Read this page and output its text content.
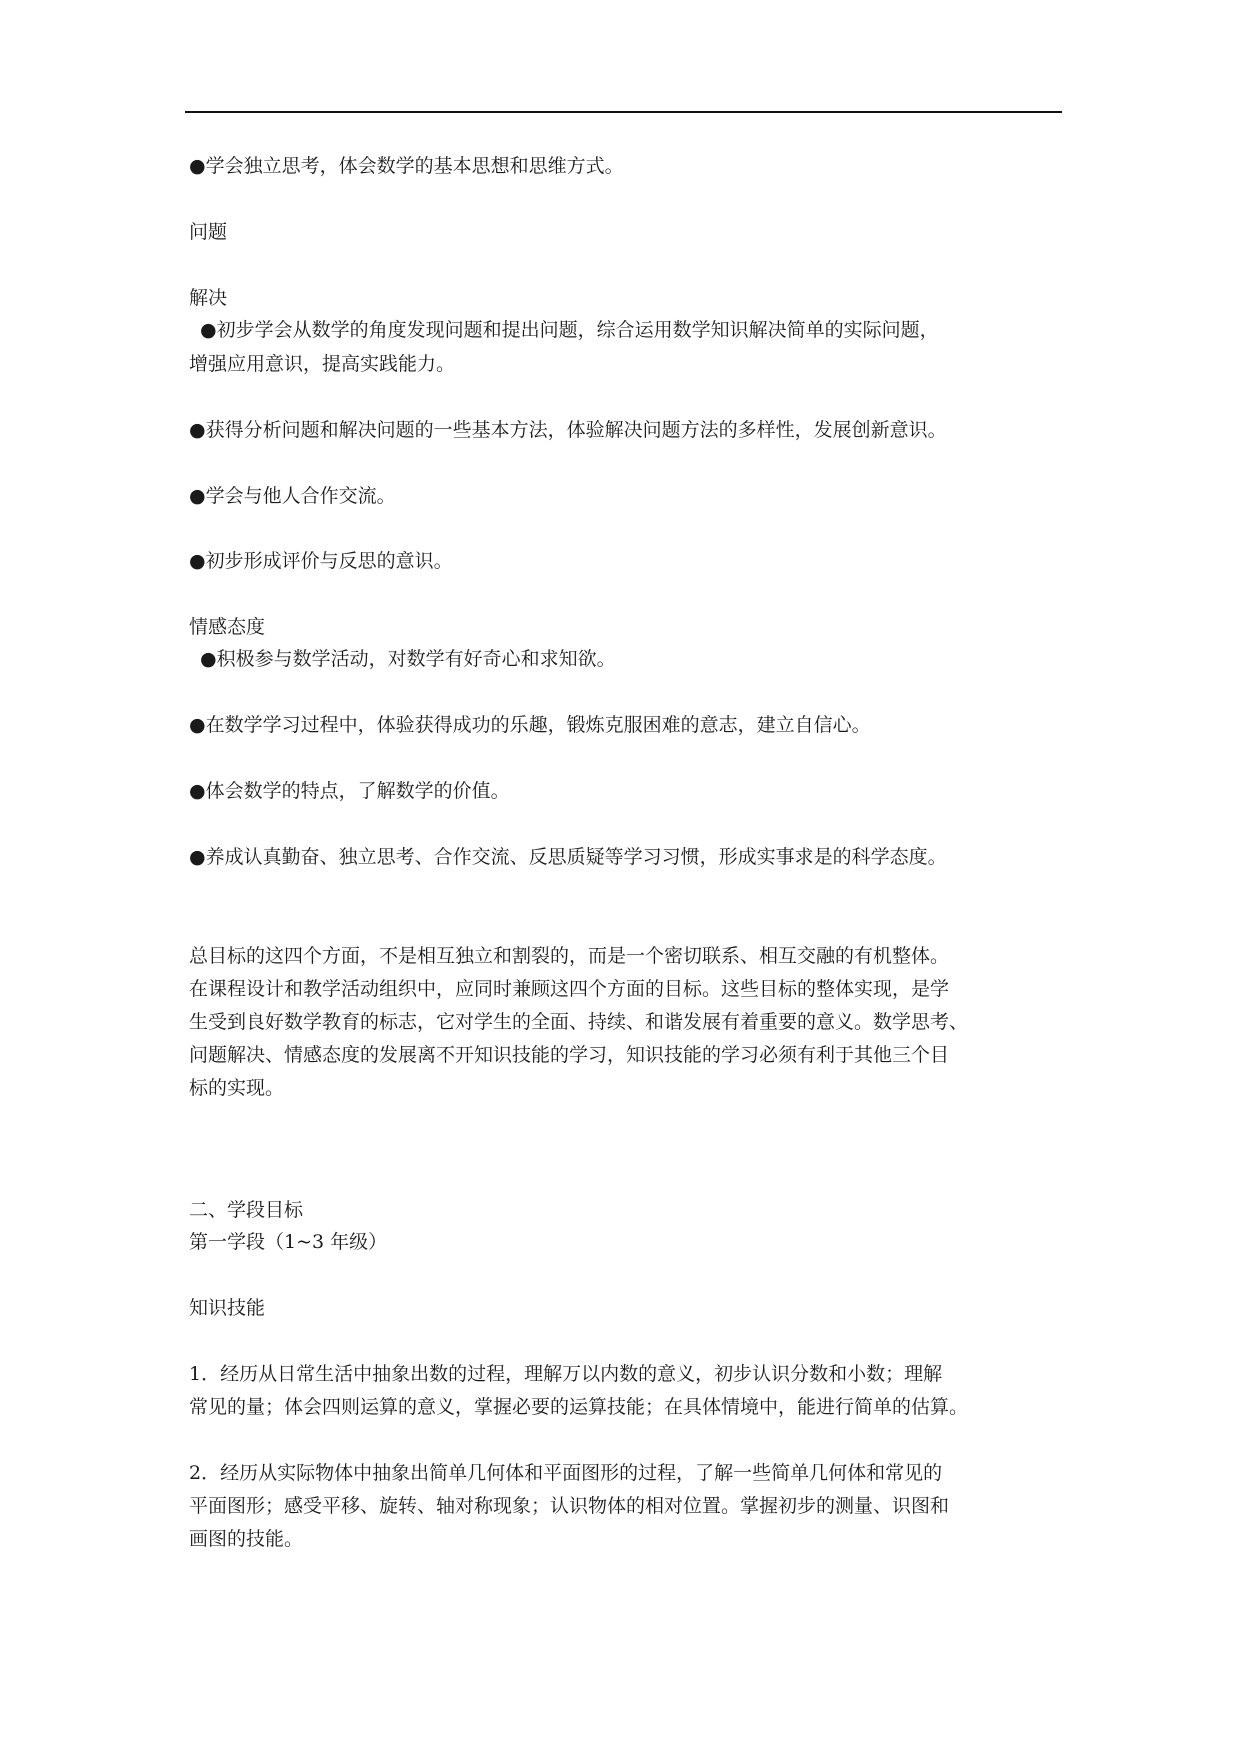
●学会独立思考，体会数学的基本思想和思维方式。
问题
解决
●初步学会从数学的角度发现问题和提出问题，综合运用数学知识解决简单的实际问题，
增强应用意识，提高实践能力。
●获得分析问题和解决问题的一些基本方法，体验解决问题方法的多样性，发展创新意识。
●学会与他人合作交流。
●初步形成评价与反思的意识。
情感态度
●积极参与数学活动，对数学有好奇心和求知欲。
●在数学学习过程中，体验获得成功的乐趣，锻炼克服困难的意志，建立自信心。
●体会数学的特点，了解数学的价值。
●养成认真勤奋、独立思考、合作交流、反思质疑等学习习惯，形成实事求是的科学态度。
总目标的这四个方面，不是相互独立和割裂的，而是一个密切联系、相互交融的有机整体。
在课程设计和教学活动组织中，应同时兼顾这四个方面的目标。这些目标的整体实现，是学
生受到良好数学教育的标志，它对学生的全面、持续、和谐发展有着重要的意义。数学思考、
问题解决、情感态度的发展离不开知识技能的学习，知识技能的学习必须有利于其他三个目
标的实现。
二、学段目标
第一学段（1~3 年级）
知识技能
1．经历从日常生活中抽象出数的过程，理解万以内数的意义，初步认识分数和小数；理解
常见的量；体会四则运算的意义，掌握必要的运算技能；在具体情境中，能进行简单的估算。
2．经历从实际物体中抽象出简单几何体和平面图形的过程，了解一些简单几何体和常见的
平面图形；感受平移、旋转、轴对称现象；认识物体的相对位置。掌握初步的测量、识图和
画图的技能。
